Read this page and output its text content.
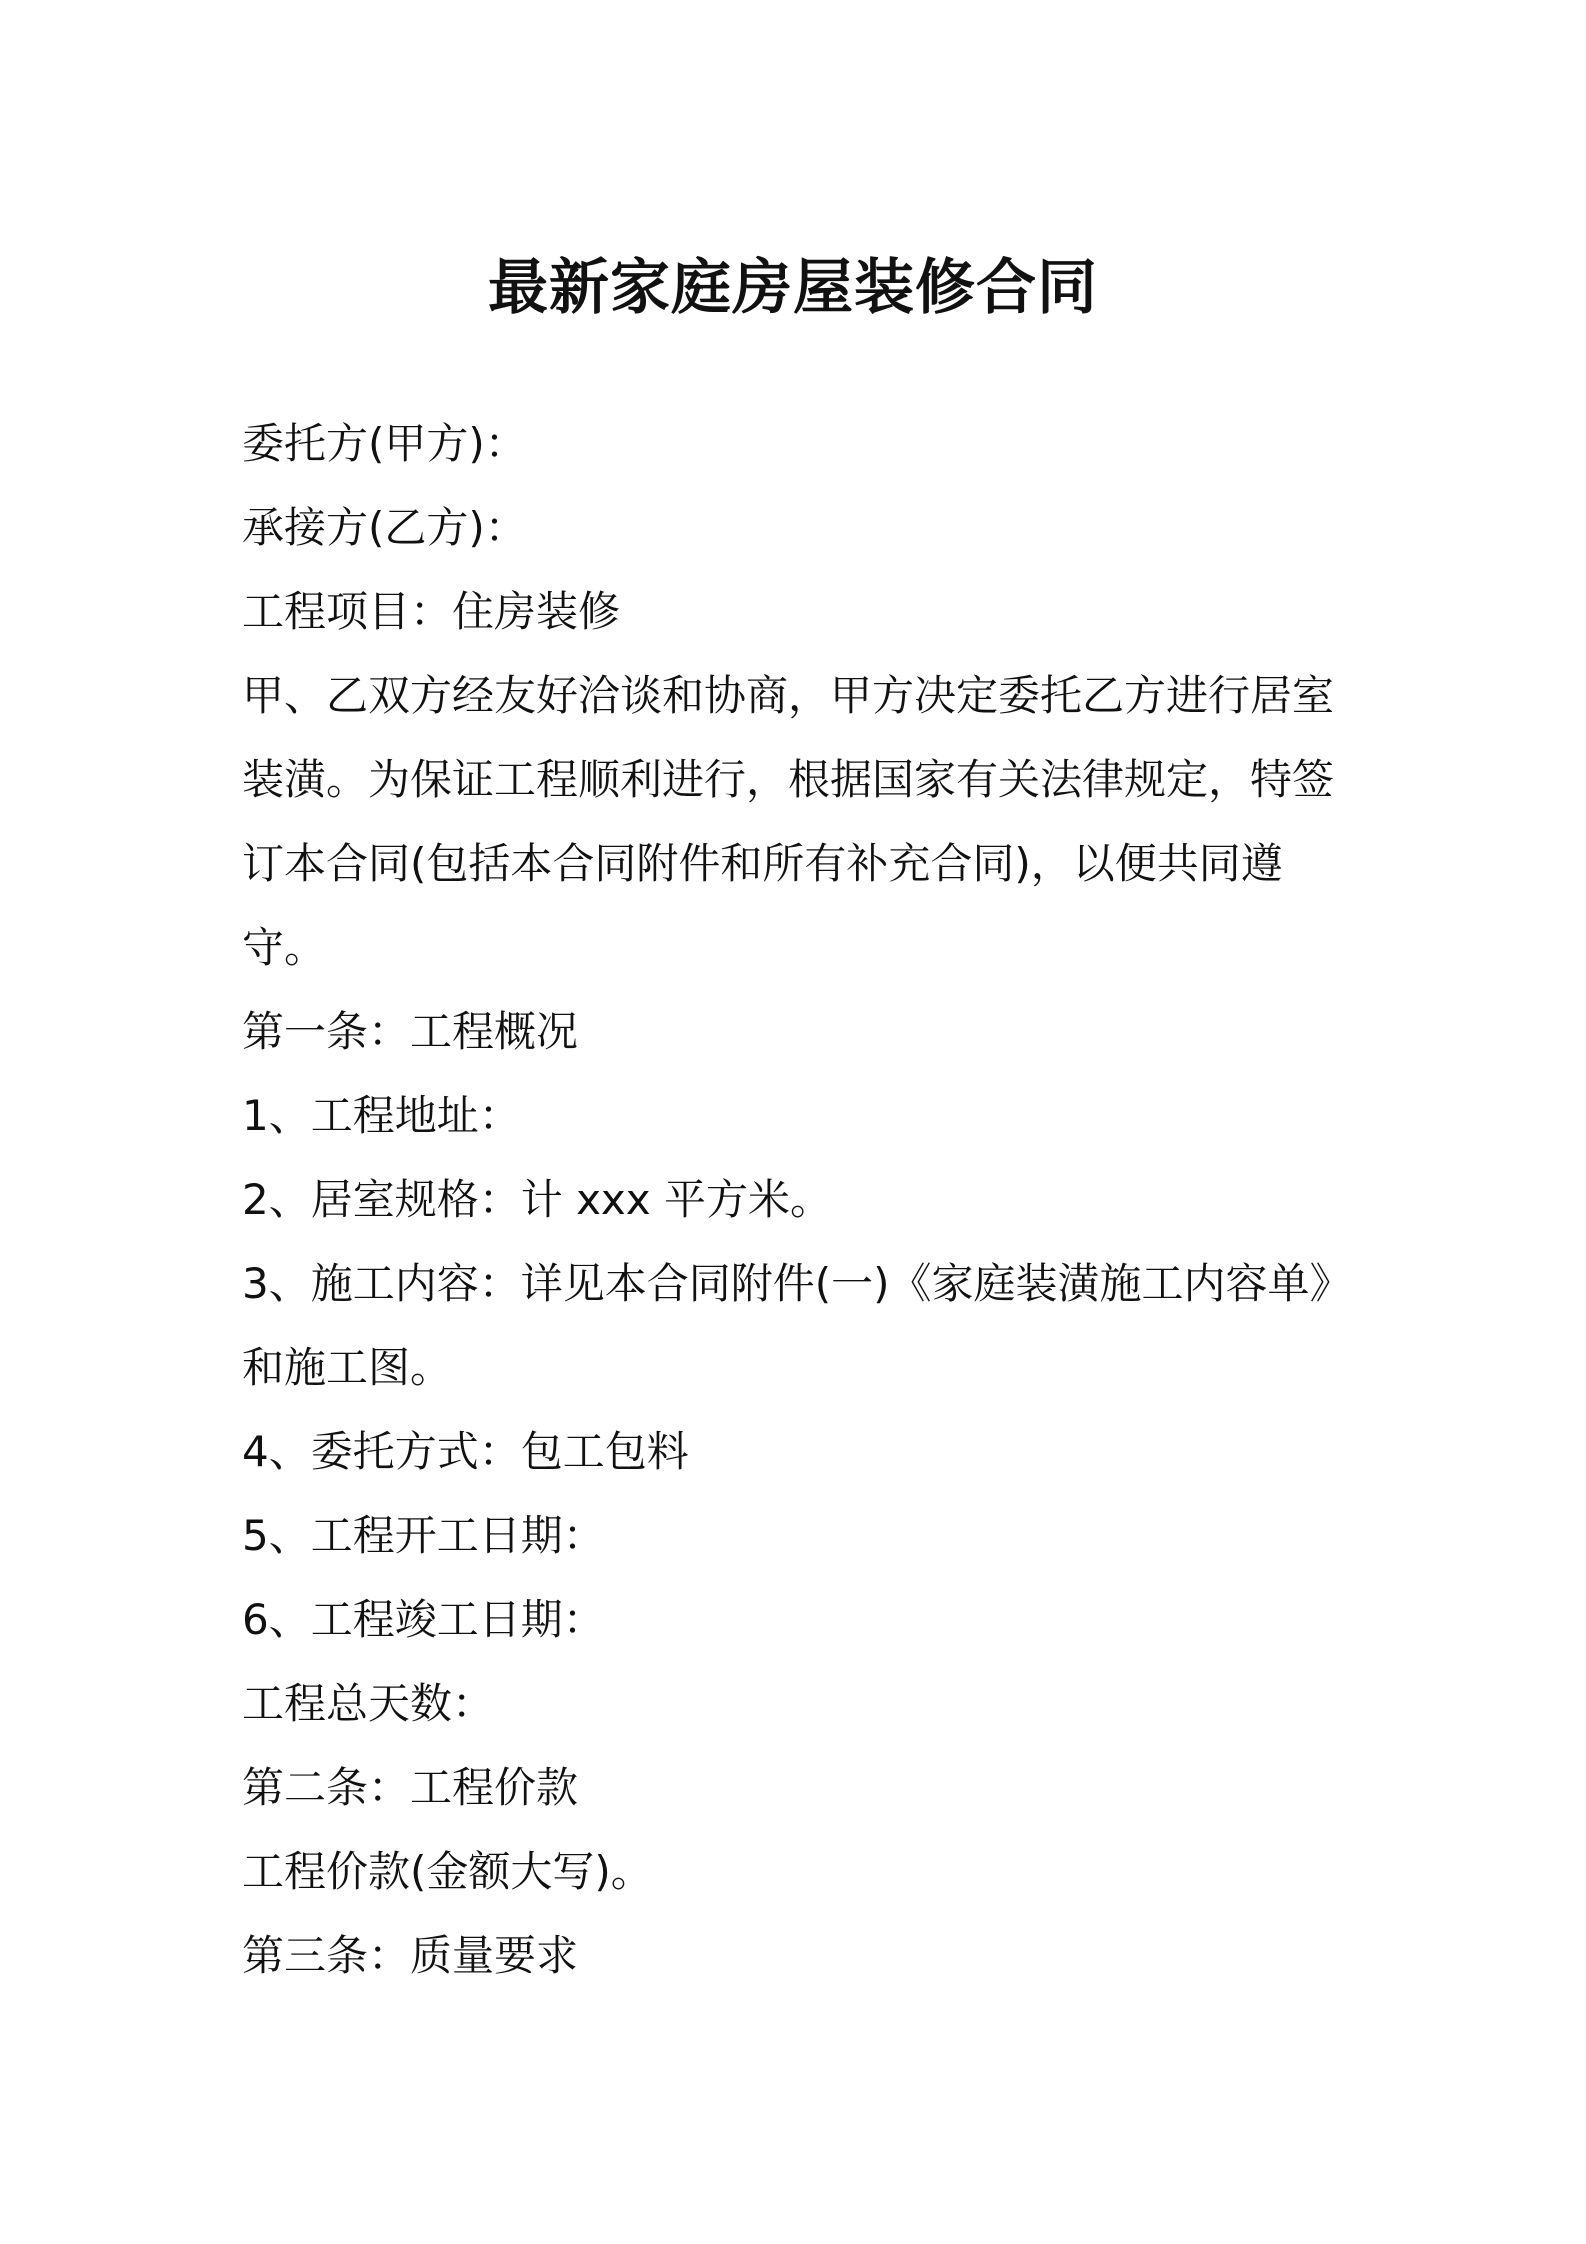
最新家庭房屋装修合同
委托方(甲方)：
承接方(乙方)：
工程项目：住房装修
甲、乙双方经友好洽谈和协商，甲方决定委托乙方进行居室装潢。为保证工程顺利进行，根据国家有关法律规定，特签订本合同(包括本合同附件和所有补充合同)，以便共同遵守。
第一条：工程概况
1、工程地址：
2、居室规格：计 xxx 平方米。
3、施工内容：详见本合同附件(一)《家庭装潢施工内容单》和施工图。
4、委托方式：包工包料
5、工程开工日期：
6、工程竣工日期：
工程总天数：
第二条：工程价款
工程价款(金额大写)。
第三条：质量要求
